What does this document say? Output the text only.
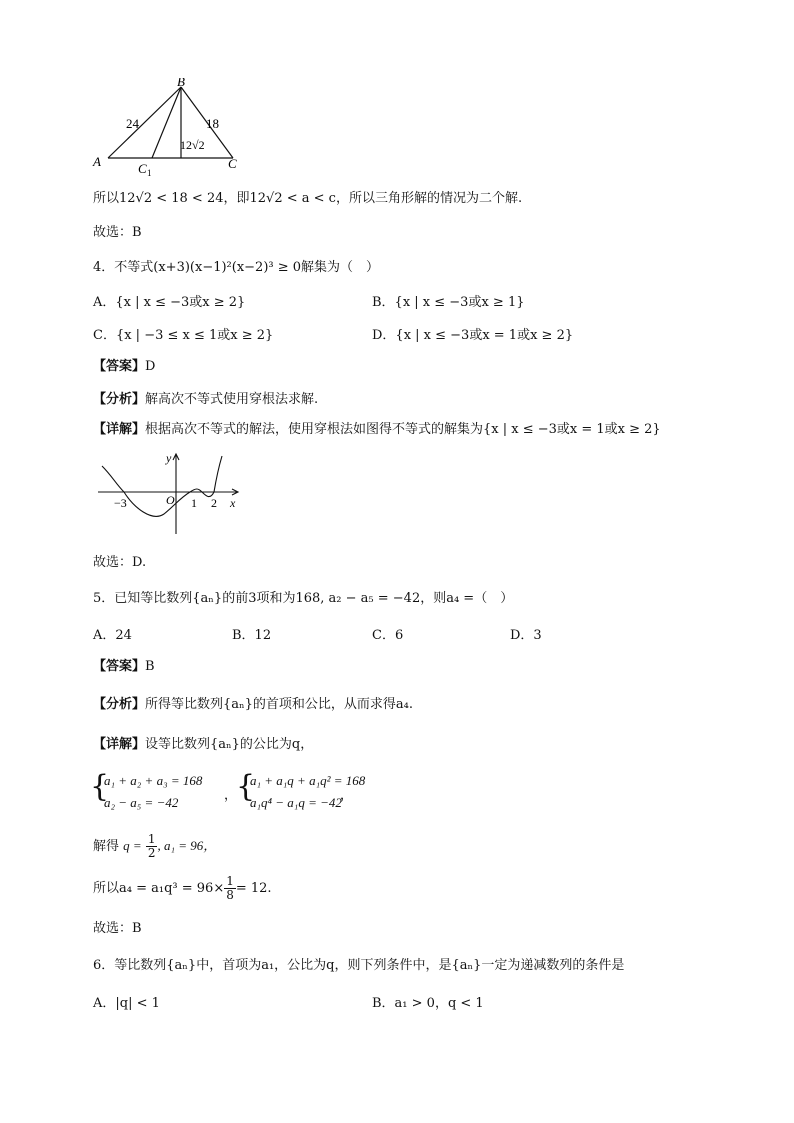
B
A	C
C 1
24	18
12√2
所以12√2 < 18 < 24，即12√2 < a < c，所以三角形解的情况为二个解.
故选：B
4．不等式(x+3)(x−1)²(x−2)³ ≥ 0解集为（　）
A．{x | x ≤ −3或x ≥ 2}	B．{x | x ≤ −3或x ≥ 1}
C．{x | −3 ≤ x ≤ 1或x ≥ 2}	D．{x | x ≤ −3或x = 1或x ≥ 2}
【答案】D
【分析】解高次不等式使用穿根法求解.
【详解】根据高次不等式的解法，使用穿根法如图得不等式的解集为{x | x ≤ −3或x = 1或x ≥ 2}
y
x
O
−3	1 2
故选：D.
5．已知等比数列{aₙ}的前3项和为168, a₂ − a₅ = −42，则a₄ =（　）
A．24	B．12	C．6	D．3
【答案】B
【分析】所得等比数列{aₙ}的首项和公比，从而求得a₄.
【详解】设等比数列{aₙ}的公比为q，
{
a₁ + a₂ + a₃ = 168
a₂ − a₅ = −42	，
{
a₁ + a₁q + a₁q² = 168
a₁q⁴ − a₁q = −42
，
解得 $q = \frac{1}{2}$ , a₁ = 96，
所以$a_4 = a_1q^3 = 96\times \frac{1}{8} = 12$.
故选：B
6．等比数列{aₙ}中，首项为a₁，公比为q，则下列条件中，是{aₙ}一定为递减数列的条件是
A．|q| < 1	B．a₁ > 0，q < 1
